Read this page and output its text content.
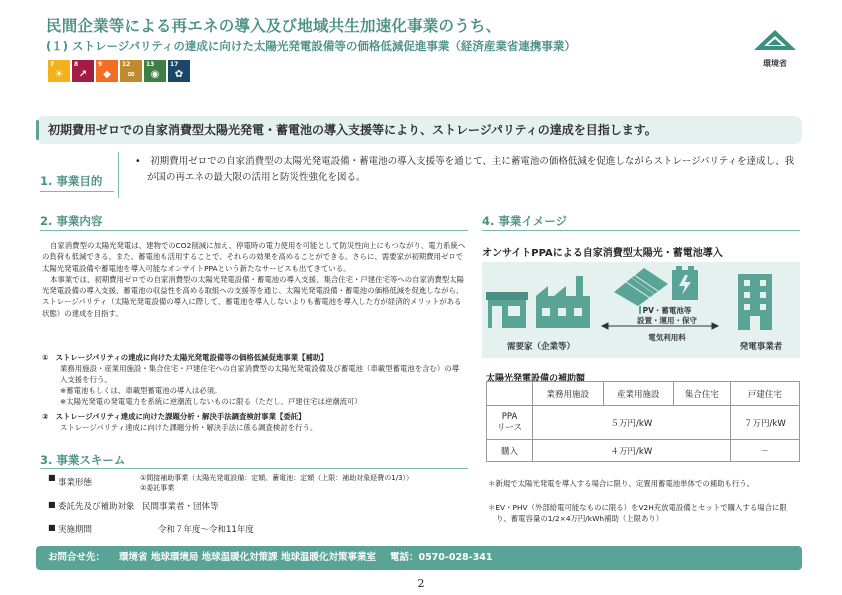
民間企業等による再エネの導入及び地域共生加速化事業のうち、
(１) ストレージパリティの達成に向けた太陽光発電設備等の価格低減促進事業（経済産業省連携事業）
環境省
7
☀
8
↗
9
◆
12
∞
13
◉
17
✿
初期費用ゼロでの自家消費型太陽光発電・蓄電池の導入支援等により、ストレージパリティの達成を目指します。
1. 事業目的
•　初期費用ゼロでの自家消費型の太陽光発電設備・蓄電池の導入支援等を通じて、主に蓄電池の価格低減を促進しながらストレージパリティを達成し、我が国の再エネの最大限の活用と防災性強化を図る。
2. 事業内容

自家消費型の太陽光発電は、建物でのCO2削減に加え、停電時の電力使用を可能として防災性向上にもつながり、電力系統への負荷も低減できる。また、蓄電池も活用することで、それらの効果を高めることができる。さらに、需要家が初期費用ゼロで太陽光発電設備や蓄電池を導入可能なオンサイトPPAという新たなサービスも出てきている。

本事業では、初期費用ゼロでの自家消費型の太陽光発電設備・蓄電池の導入支援、集合住宅・戸建住宅等への自家消費型太陽光発電設備の導入支援、蓄電池の収益性を高める取組への支援等を通じ、太陽光発電設備・蓄電池の価格低減を促進しながら、ストレージパリティ（太陽光発電設備の導入に際して、蓄電池を導入しないよりも蓄電池を導入した方が経済的メリットがある状態）の達成を目指す。

①　ストレージパリティの達成に向けた太陽光発電設備等の価格低減促進事業【補助】
業務用施設・産業用施設・集合住宅・戸建住宅への自家消費型の太陽光発電設備及び蓄電池（車載型蓄電池を含む）の導入支援を行う。
※蓄電池もしくは、車載型蓄電池の導入は必須。
※太陽光発電の発電電力を系統に逆潮流しないものに限る（ただし、戸建住宅は逆潮流可）
②　ストレージパリティ達成に向けた課題分析・解決手法調査検討事業【委託】
ストレージパリティ達成に向けた課題分析・解決手法に係る調査検討を行う。
3. 事業スキーム
■
事業形態	①間接補助事業（太陽光発電設備：定額、蓄電池：定額（上限：補助対象経費の1/3））
②委託事業
■ 委託先及び補助対象 民間事業者・団体等
■ 実施期間	令和７年度～令和11年度
4. 事業イメージ
オンサイトPPAによる自家消費型太陽光・蓄電池導入
PV・蓄電池等
設置・運用・保守
電気利用料
需要家（企業等）	発電事業者
太陽光発電設備の補助額
	業務用施設	産業用施設	集合住宅	戸建住宅
PPA
リース	５万円/kW			７万円/kW
購入	４万円/kW			－
＊新規で太陽光発電を導入する場合に限り、定置用蓄電池単体での補助も行う。
＊EV・PHV（外部給電可能なものに限る）をV2H充放電設備とセットで購入する場合に限り、蓄電容量の1/2×4万円/kWh補助（上限あり）
お問合せ先： 環境省 地球環境局 地球温暖化対策課 地球温暖化対策事業室 電話：0570-028-341
2
